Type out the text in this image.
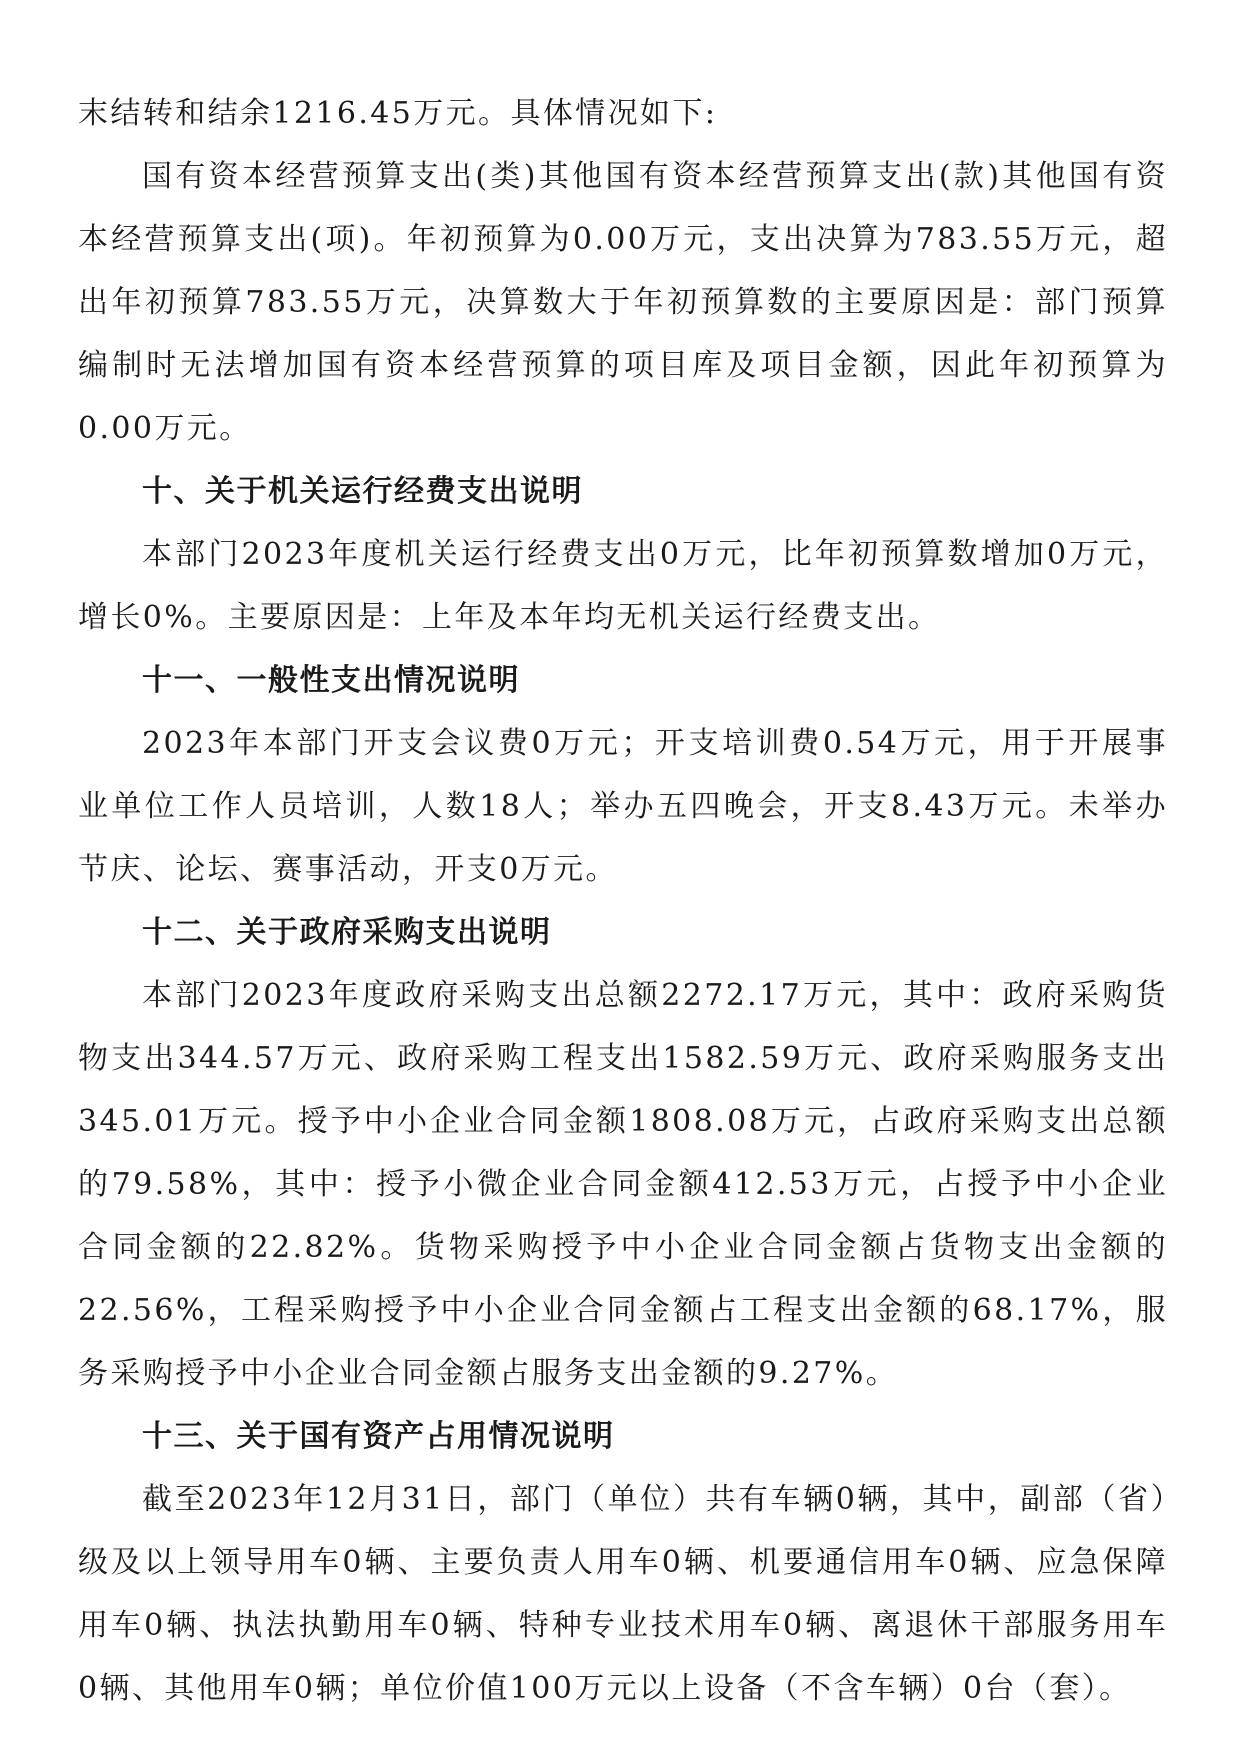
末结转和结余1216.45万元。具体情况如下:

国有资本经营预算支出(类)其他国有资本经营预算支出(款)其他国有资本经营预算支出(项)。年初预算为0.00万元，支出决算为783.55万元，超出年初预算783.55万元，决算数大于年初预算数的主要原因是：部门预算编制时无法增加国有资本经营预算的项目库及项目金额，因此年初预算为0.00万元。

十、关于机关运行经费支出说明

本部门2023年度机关运行经费支出0万元，比年初预算数增加0万元，增长0%。主要原因是：上年及本年均无机关运行经费支出。

十一、一般性支出情况说明

2023年本部门开支会议费0万元；开支培训费0.54万元，用于开展事业单位工作人员培训，人数18人；举办五四晚会，开支8.43万元。未举办节庆、论坛、赛事活动，开支0万元。

十二、关于政府采购支出说明

本部门2023年度政府采购支出总额2272.17万元，其中：政府采购货物支出344.57万元、政府采购工程支出1582.59万元、政府采购服务支出345.01万元。授予中小企业合同金额1808.08万元，占政府采购支出总额的79.58%，其中：授予小微企业合同金额412.53万元，占授予中小企业合同金额的22.82%。货物采购授予中小企业合同金额占货物支出金额的22.56%，工程采购授予中小企业合同金额占工程支出金额的68.17%，服务采购授予中小企业合同金额占服务支出金额的9.27%。

十三、关于国有资产占用情况说明

截至2023年12月31日，部门（单位）共有车辆0辆，其中，副部（省）级及以上领导用车0辆、主要负责人用车0辆、机要通信用车0辆、应急保障用车0辆、执法执勤用车0辆、特种专业技术用车0辆、离退休干部服务用车0辆、其他用车0辆；单位价值100万元以上设备（不含车辆）0台（套）。
